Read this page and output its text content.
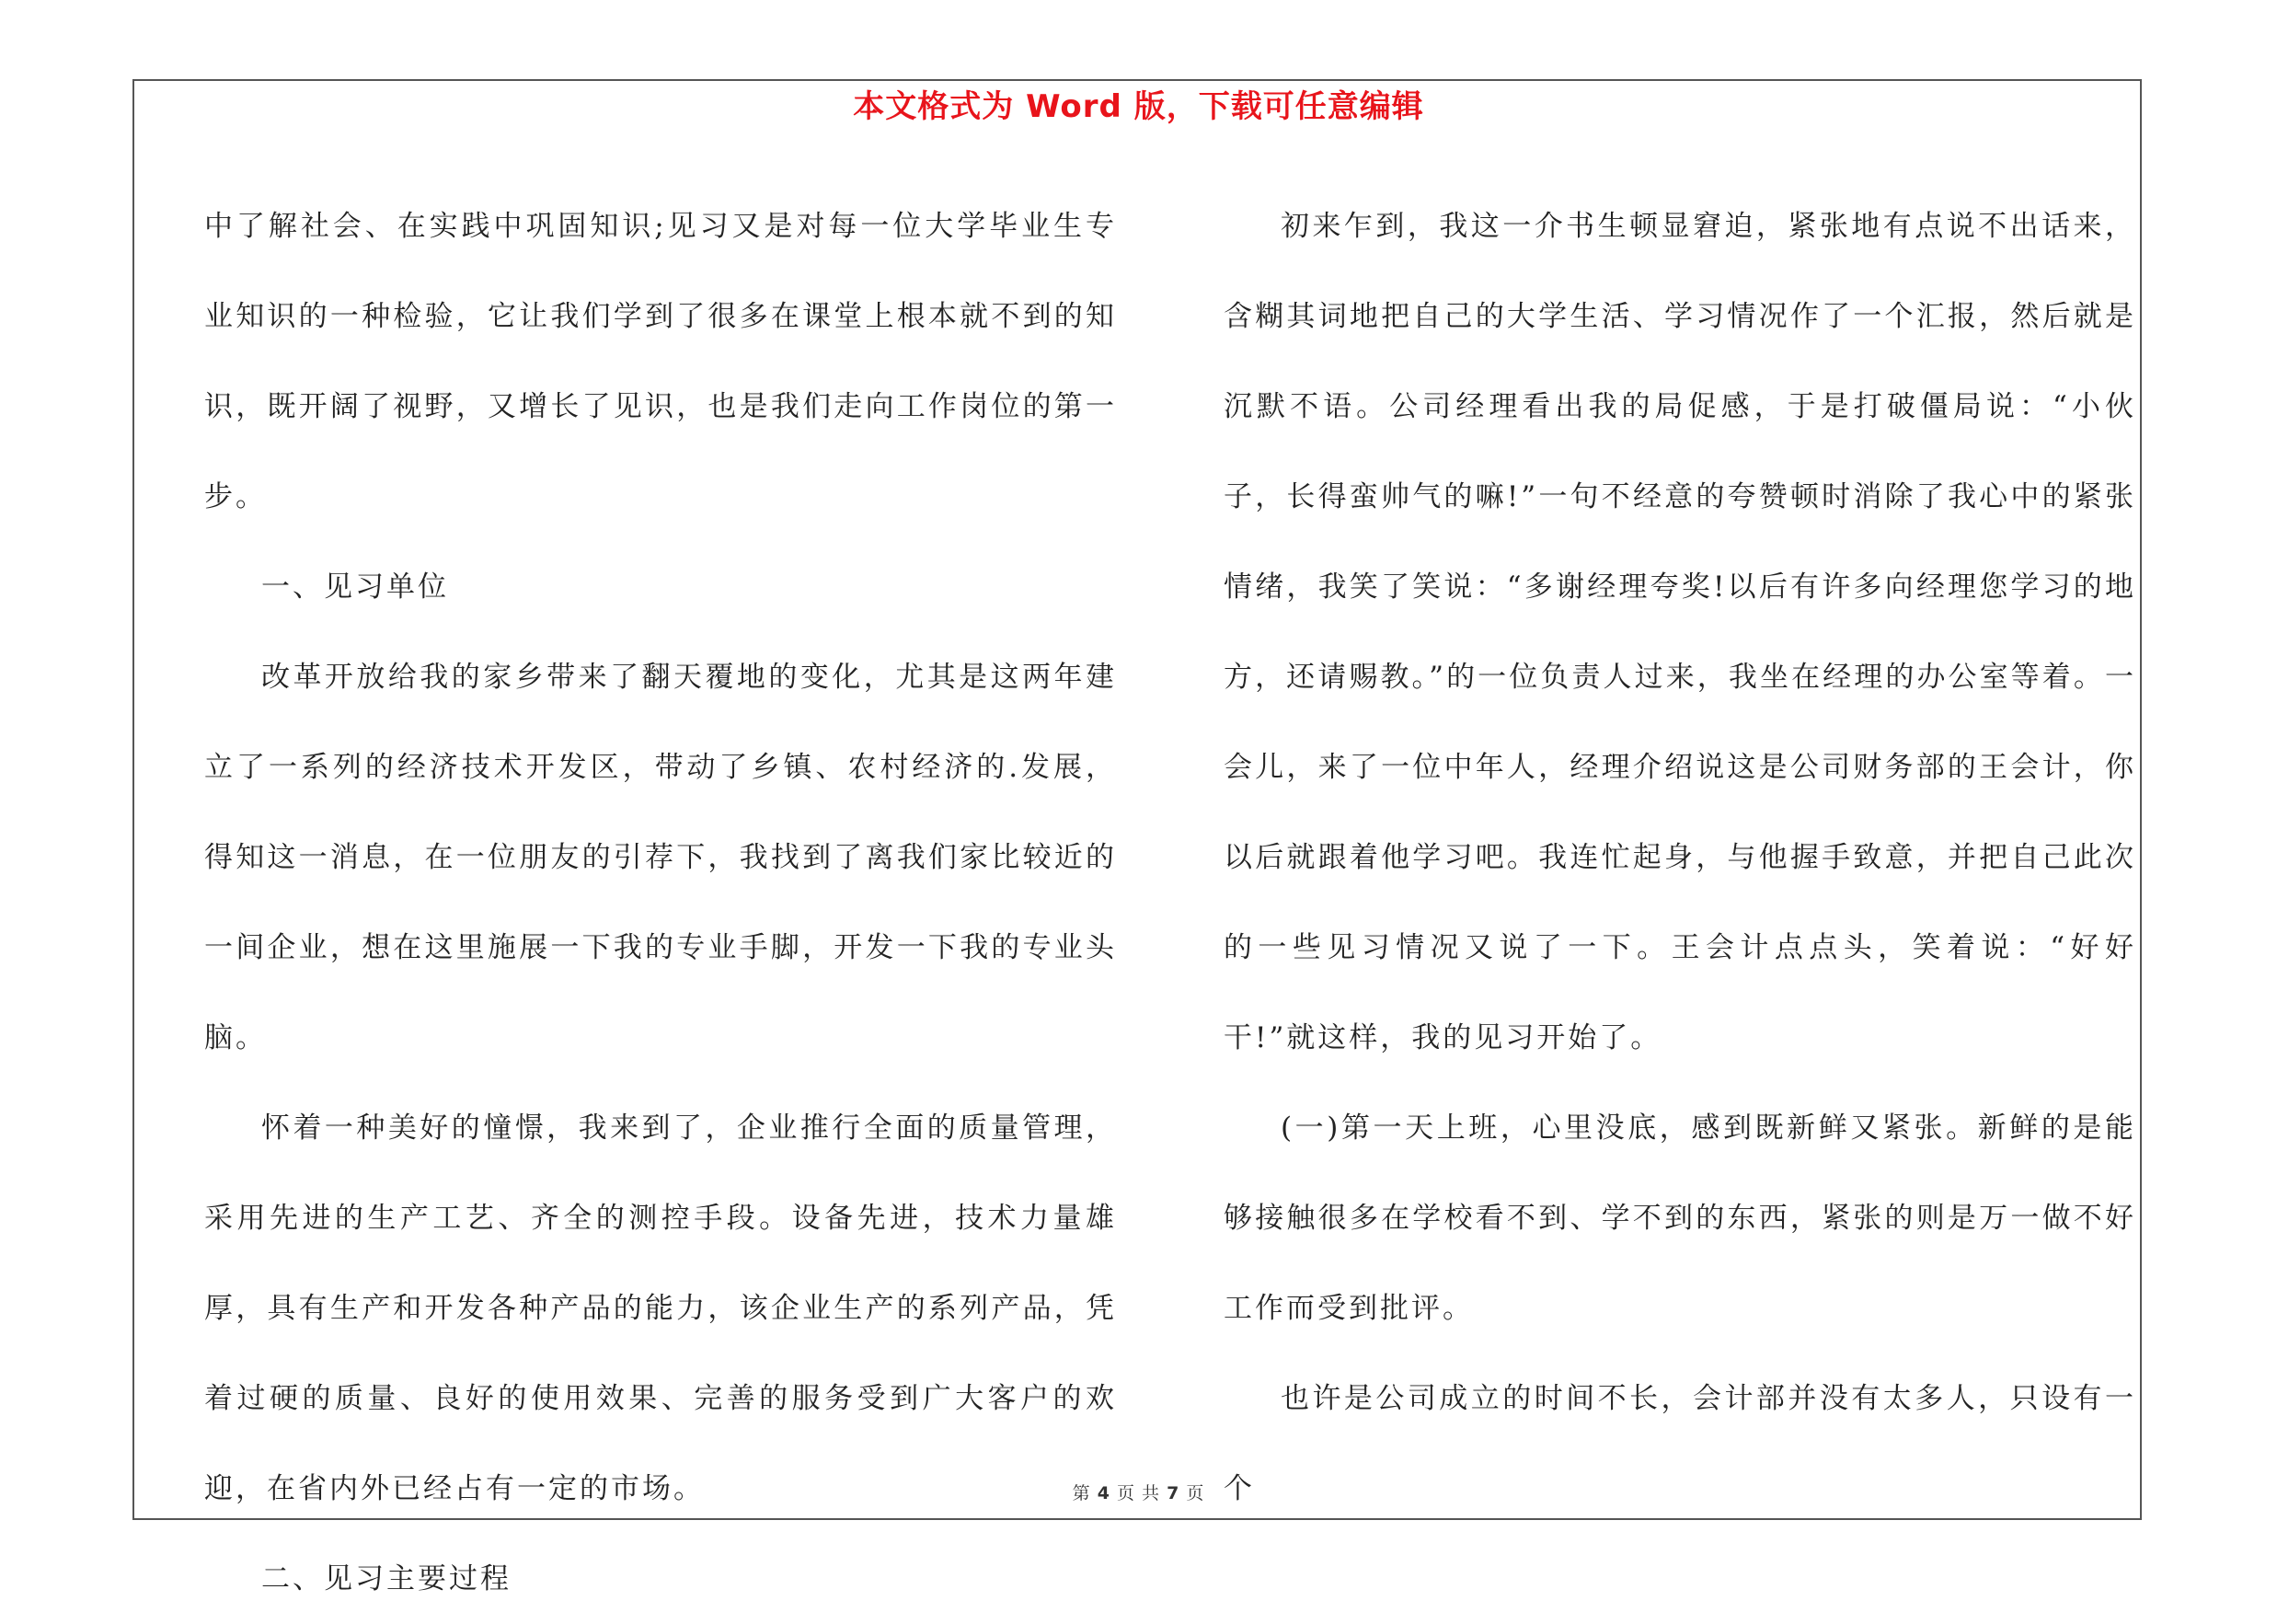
本文格式为 Word 版，下载可任意编辑

中了解社会、在实践中巩固知识;见习又是对每一位大学毕业生专业知识的一种检验，它让我们学到了很多在课堂上根本就不到的知识，既开阔了视野，又增长了见识，也是我们走向工作岗位的第一步。

一、见习单位

改革开放给我的家乡带来了翻天覆地的变化，尤其是这两年建立了一系列的经济技术开发区，带动了乡镇、农村经济的.发展，得知这一消息，在一位朋友的引荐下，我找到了离我们家比较近的一间企业，想在这里施展一下我的专业手脚，开发一下我的专业头脑。

怀着一种美好的憧憬，我来到了，企业推行全面的质量管理，采用先进的生产工艺、齐全的测控手段。设备先进，技术力量雄厚，具有生产和开发各种产品的能力，该企业生产的系列产品，凭着过硬的质量、良好的使用效果、完善的服务受到广大客户的欢迎，在省内外已经占有一定的市场。

二、见习主要过程

初来乍到，我这一介书生顿显窘迫，紧张地有点说不出话来，含糊其词地把自己的大学生活、学习情况作了一个汇报，然后就是沉默不语。公司经理看出我的局促感，于是打破僵局说：“小伙子，长得蛮帅气的嘛!”一句不经意的夸赞顿时消除了我心中的紧张情绪，我笑了笑说：“多谢经理夸奖!以后有许多向经理您学习的地方，还请赐教。”的一位负责人过来，我坐在经理的办公室等着。一会儿，来了一位中年人，经理介绍说这是公司财务部的王会计，你以后就跟着他学习吧。我连忙起身，与他握手致意，并把自己此次的一些见习情况又说了一下。王会计点点头，笑着说：“好好干!”就这样，我的见习开始了。

(一)第一天上班，心里没底，感到既新鲜又紧张。新鲜的是能够接触很多在学校看不到、学不到的东西，紧张的则是万一做不好工作而受到批评。

也许是公司成立的时间不长，会计部并没有太多人，只设有一个

第 4 页 共 7 页
